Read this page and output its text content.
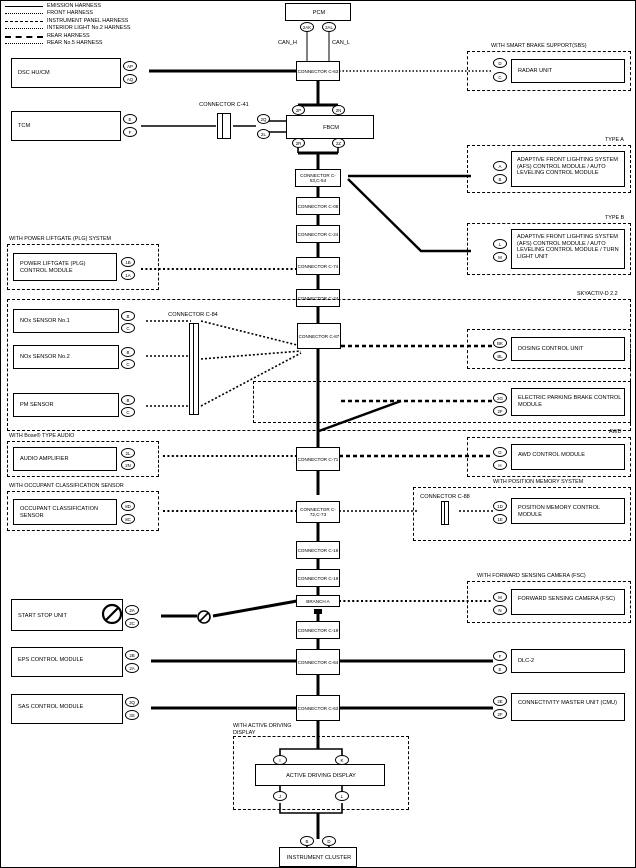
EMISSION HARNESS
FRONT HARNESS
INSTRUMENT PANEL HARNESS
INTERIOR LIGHT No.2 HARNESS
REAR HARNESS
REAR No.5 HARNESS
PCM
2AK	2AL
CAN_H	CAN_L
CONNECTOR C-63
DSC HU/CM
AP
AQ
WITH SMART BRAKE SUPPORT(SBS)
RADAR UNIT
D
C
TCM
E
F
CONNECTOR C-41
FBCM
2Q
2L
2P	2N
2R	2Z
CONNECTOR C-53,C-54
TYPE A
ADAPTIVE FRONT LIGHTING SYSTEM (AFS) CONTROL MODULE / AUTO LEVELING CONTROL MODULE
A
B
TYPE B
ADAPTIVE FRONT LIGHTING SYSTEM (AFS) CONTROL MODULE / AUTO LEVELING CONTROL MODULE / TURN LIGHT UNIT
L
M
CONNECTOR C-08
CONNECTOR C-24
CONNECTOR C-74
CONNECTOR C-24
WITH POWER LIFTGATE (PLG) SYSTEM
POWER LIFTGATE (PLG) CONTROL MODULE
1B
1A
SKYACTIV-D 2.2
NOx SENSOR No.1
B
C
NOx SENSOR No.2
B
C
PM SENSOR
B
C
CONNECTOR C-84
CONNECTOR C-87
DOSING CONTROL UNIT
BK
BL
ELECTRIC PARKING BRAKE CONTROL MODULE
2G
2F
WITH Bose® TYPE AUDIO
AUDIO AMPLIFIER
2L
2N
CONNECTOR C-71
AWD
AWD CONTROL MODULE
G
H
WITH OCCUPANT CLASSIFICATION SENSOR
OCCUPANT CLASSIFICATION SENSOR
8D
8C
CONNECTOR C-72,C-73
WITH POSITION MEMORY SYSTEM
CONNECTOR C-88
POSITION MEMORY CONTROL MODULE
1D
1E
CONNECTOR C-16
CONNECTOR C-19
BRANCH A
CONNECTOR C-19
CONNECTOR C-64
CONNECTOR C-63
START STOP UNIT
2A
2C
WITH FORWARD SENSING CAMERA (FSC)
FORWARD SENSING CAMERA (FSC)
M
N
EPS CONTROL MODULE
2B
2A
DLC-2
F
E
SAS CONTROL MODULE
3Q
3S
CONNECTIVITY MASTER UNIT (CMU)
2E
2F
WITH ACTIVE DRIVING DISPLAY
ACTIVE DRIVING DISPLAY
I	K
J	L
B	D
INSTRUMENT CLUSTER
